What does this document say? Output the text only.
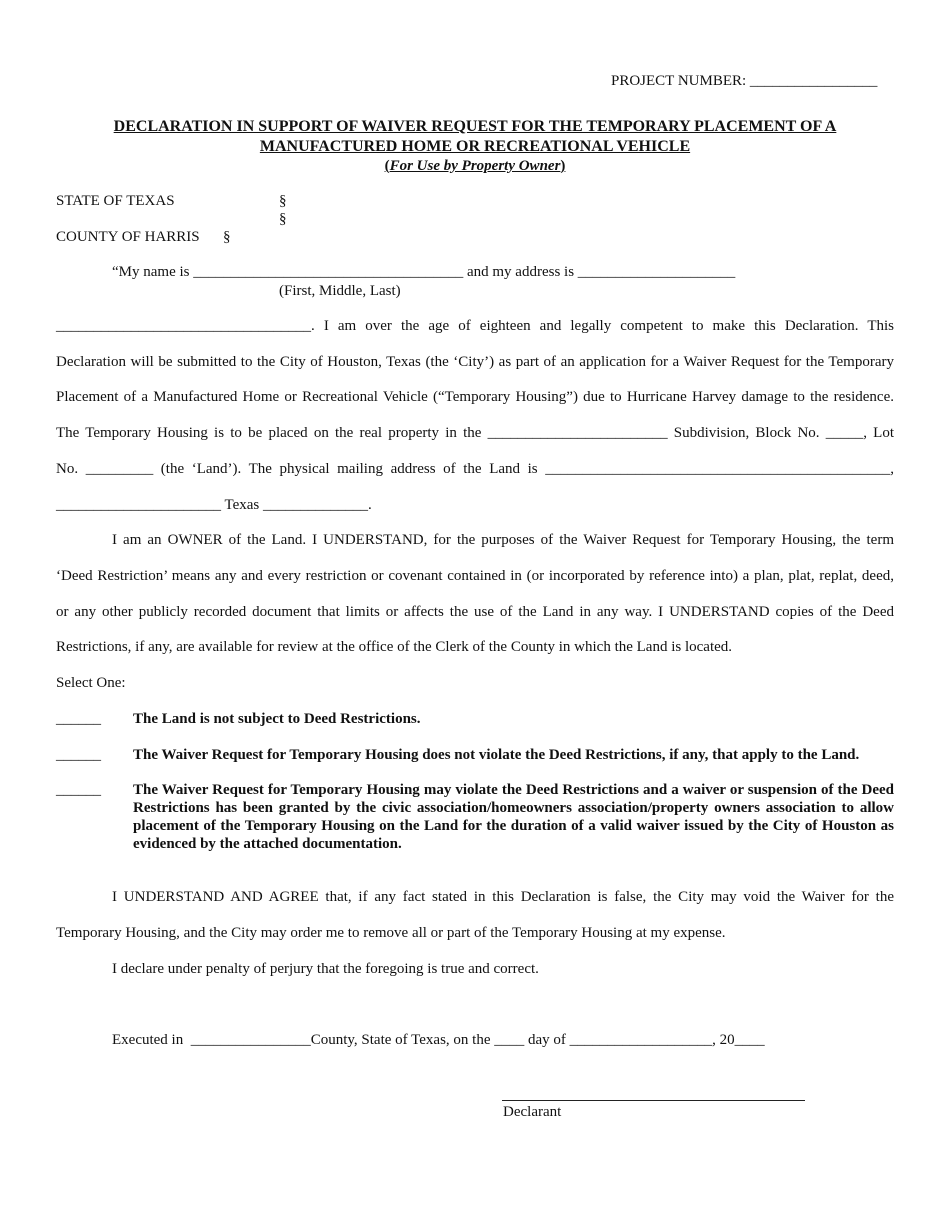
PROJECT NUMBER: _________________
DECLARATION IN SUPPORT OF WAIVER REQUEST FOR THE TEMPORARY PLACEMENT OF A
MANUFACTURED HOME OR RECREATIONAL VEHICLE
(For Use by Property Owner)
STATE OF TEXAS	§
§
COUNTY OF HARRIS §
“My name is ____________________________________ and my address is _____________________
(First, Middle, Last)
__________________________________. I am over the age of eighteen and legally competent to make this Declaration. This
Declaration will be submitted to the City of Houston, Texas (the ‘City’) as part of an application for a Waiver Request for the Temporary
Placement of a Manufactured Home or Recreational Vehicle (“Temporary Housing”) due to Hurricane Harvey damage to the residence.
The Temporary Housing is to be placed on the real property in the ________________________ Subdivision, Block No. _____, Lot
No. _________ (the ‘Land’). The physical mailing address of the Land is ______________________________________________,
______________________ Texas ______________.
I am an OWNER of the Land. I UNDERSTAND, for the purposes of the Waiver Request for Temporary Housing, the term
‘Deed Restriction’ means any and every restriction or covenant contained in (or incorporated by reference into) a plan, plat, replat, deed,
or any other publicly recorded document that limits or affects the use of the Land in any way. I UNDERSTAND copies of the Deed
Restrictions, if any, are available for review at the office of the Clerk of the County in which the Land is located.
Select One:
______ The Land is not subject to Deed Restrictions.
______ The Waiver Request for Temporary Housing does not violate the Deed Restrictions, if any, that apply to the Land.
______ The Waiver Request for Temporary Housing may violate the Deed Restrictions and a waiver or suspension of the Deed Restrictions has been granted by the civic association/homeowners association/property owners association to allow placement of the Temporary Housing on the Land for the duration of a valid waiver issued by the City of Houston as evidenced by the attached documentation.
I UNDERSTAND AND AGREE that, if any fact stated in this Declaration is false, the City may void the Waiver for the
Temporary Housing, and the City may order me to remove all or part of the Temporary Housing at my expense.
I declare under penalty of perjury that the foregoing is true and correct.
Executed in  ________________County, State of Texas, on the ____ day of ___________________, 20____
Declarant
